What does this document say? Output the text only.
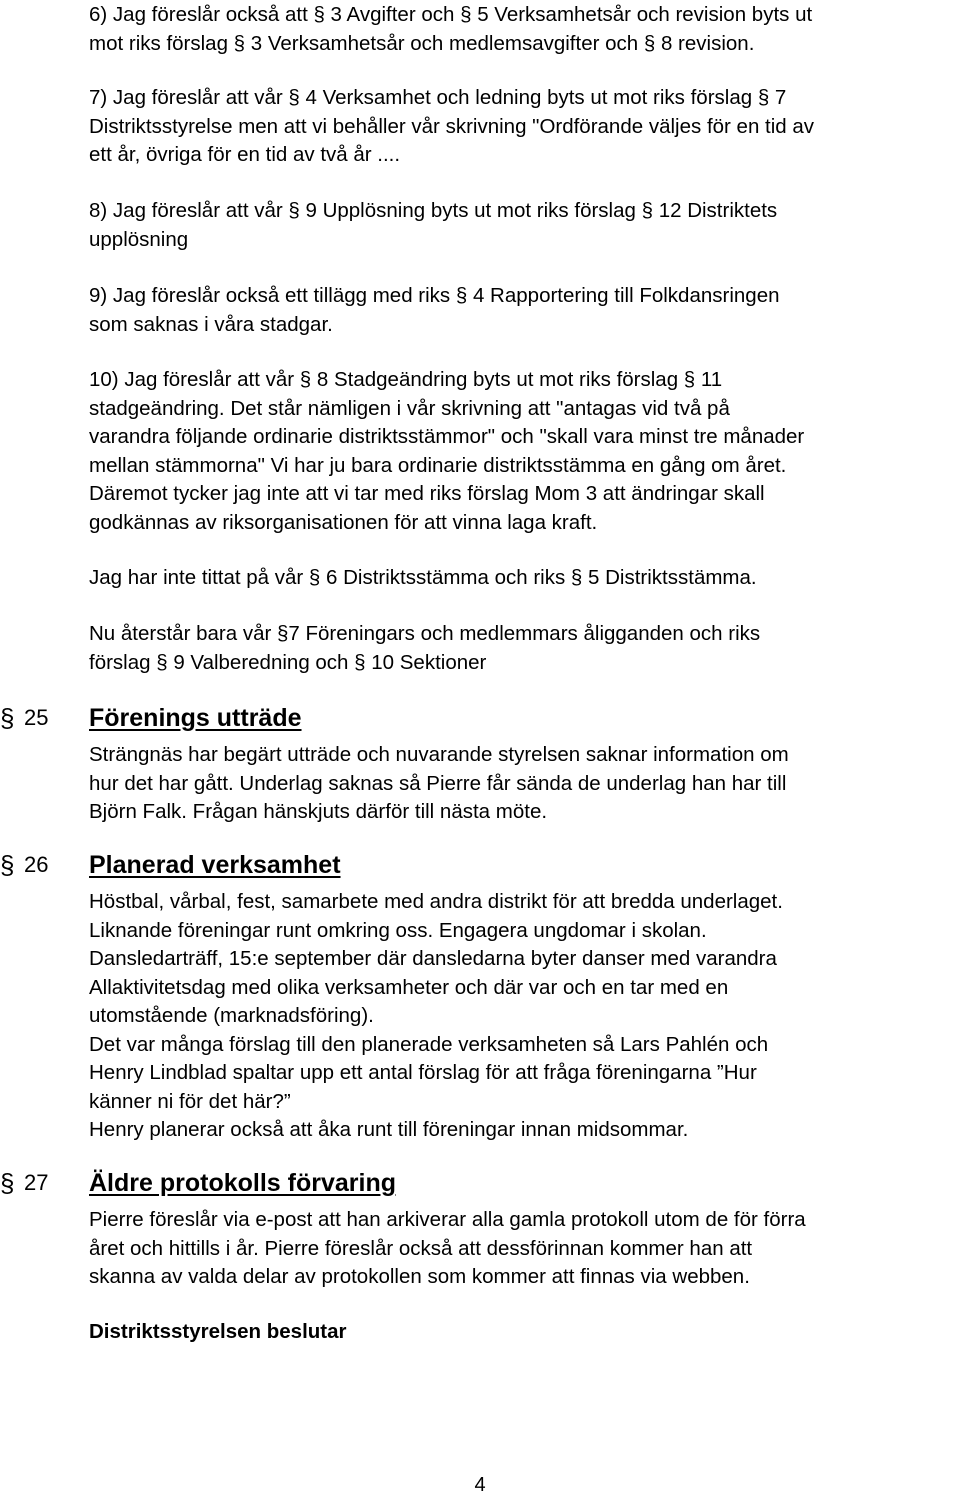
6) Jag föreslår också att § 3 Avgifter och § 5 Verksamhetsår och revision byts ut
mot riks förslag § 3 Verksamhetsår och medlemsavgifter och § 8 revision.

7) Jag föreslår att vår § 4 Verksamhet och ledning byts ut mot riks förslag § 7
Distriktsstyrelse men att vi behåller vår skrivning "Ordförande väljes för en tid av
ett år, övriga för en tid av två år ....

8) Jag föreslår att vår § 9 Upplösning byts ut mot riks förslag § 12 Distriktets
upplösning

9) Jag föreslår också ett tillägg med riks § 4 Rapportering till Folkdansringen
som saknas i våra stadgar.

10) Jag föreslår att vår § 8 Stadgeändring byts ut mot riks förslag § 11
stadgeändring. Det står nämligen i vår skrivning att "antagas vid två på
varandra följande ordinarie distriktsstämmor" och "skall vara minst tre månader
mellan stämmorna" Vi har ju bara ordinarie distriktsstämma en gång om året.
Däremot tycker jag inte att vi tar med riks förslag Mom 3 att ändringar skall
godkännas av riksorganisationen för att vinna laga kraft.

Jag har inte tittat på vår § 6 Distriktsstämma och riks § 5 Distriktsstämma.

Nu återstår bara vår §7 Föreningars och medlemmars åligganden och riks
förslag § 9 Valberedning och § 10 Sektioner

§ 25 Förenings utträde

Strängnäs har begärt utträde och nuvarande styrelsen saknar information om
hur det har gått. Underlag saknas så Pierre får sända de underlag han har till
Björn Falk. Frågan hänskjuts därför till nästa möte.

§ 26 Planerad verksamhet

Höstbal, vårbal, fest, samarbete med andra distrikt för att bredda underlaget.
Liknande föreningar runt omkring oss. Engagera ungdomar i skolan.
Dansledarträff, 15:e september där dansledarna byter danser med varandra
Allaktivitetsdag med olika verksamheter och där var och en tar med en
utomstående (marknadsföring).
Det var många förslag till den planerade verksamheten så Lars Pahlén och
Henry Lindblad spaltar upp ett antal förslag för att fråga föreningarna ”Hur
känner ni för det här?”
Henry planerar också att åka runt till föreningar innan midsommar.

§ 27 Äldre protokolls förvaring

Pierre föreslår via e-post att han arkiverar alla gamla protokoll utom de för förra
året och hittills i år. Pierre föreslår också att dessförinnan kommer han att
skanna av valda delar av protokollen som kommer att finnas via webben.

Distriktsstyrelsen beslutar

4
